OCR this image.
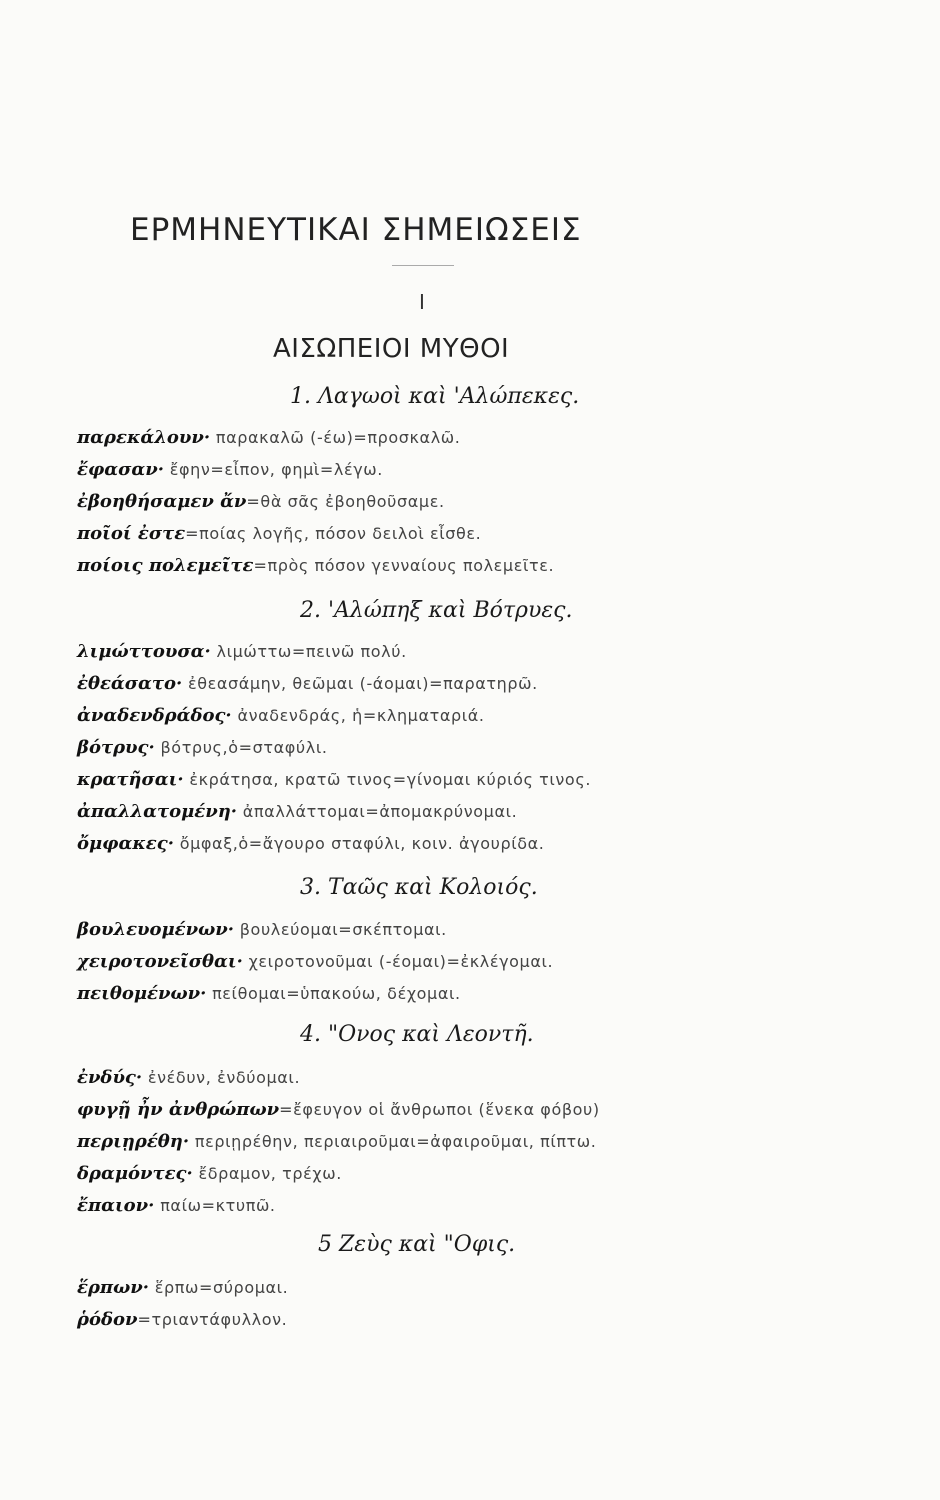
ΕΡΜΗΝΕΥΤΙΚΑΙ ΣΗΜΕΙΩΣΕΙΣ
I
ΑΙΣΩΠΕΙΟΙ ΜΥΘΟΙ
1. Λαγωοὶ καὶ 'Αλώπεκες.
παρεκάλουν· παρακαλῶ (-έω)=προσκαλῶ.
ἔφασαν· ἔφην=εἶπον, φημὶ=λέγω.
ἐβοηθήσαμεν ἄν=θὰ σᾶς ἐβοηθοῦσαμε.
ποῖοί ἐστε=ποίας λογῆς, πόσον δειλοὶ εἶσθε.
ποίοις πολεμεῖτε=πρὸς πόσον γενναίους πολεμεῖτε.
2. 'Αλώπηξ καὶ Βότρυες.
λιμώττουσα· λιμώττω=πεινῶ πολύ.
ἐθεάσατο· ἐθεασάμην, θεῶμαι (-άομαι)=παρατηρῶ.
ἀναδενδράδος· ἀναδενδράς, ἡ=κληματαριά.
βότρυς· βότρυς,ὁ=σταφύλι.
κρατῆσαι· ἐκράτησα, κρατῶ τινος=γίνομαι κύριός τινος.
ἀπαλλατομένη· ἀπαλλάττομαι=ἀπομακρύνομαι.
ὄμφακες· ὄμφαξ,ὁ=ἄγουρο σταφύλι, κοιν. ἀγουρίδα.
3. Ταῶς καὶ Κολοιός.
βουλευομένων· βουλεύομαι=σκέπτομαι.
χειροτονεῖσθαι· χειροτονοῦμαι (-έομαι)=ἐκλέγομαι.
πειθομένων· πείθομαι=ὑπακούω, δέχομαι.
4. "Ονος καὶ Λεοντῆ.
ἐνδύς· ἐνέδυν, ἐνδύομαι.
φυγῇ ἦν ἀνθρώπων=ἔφευγον οἱ ἄνθρωποι (ἕνεκα φόβου)
περιῃρέθη· περιῃρέθην, περιαιροῦμαι=ἀφαιροῦμαι, πίπτω.
δραμόντες· ἔδραμον, τρέχω.
ἔπαιον· παίω=κτυπῶ.
5 Ζεὺς καὶ "Οφις.
ἕρπων· ἕρπω=σύρομαι.
ῥόδον=τριαντάφυλλον.
